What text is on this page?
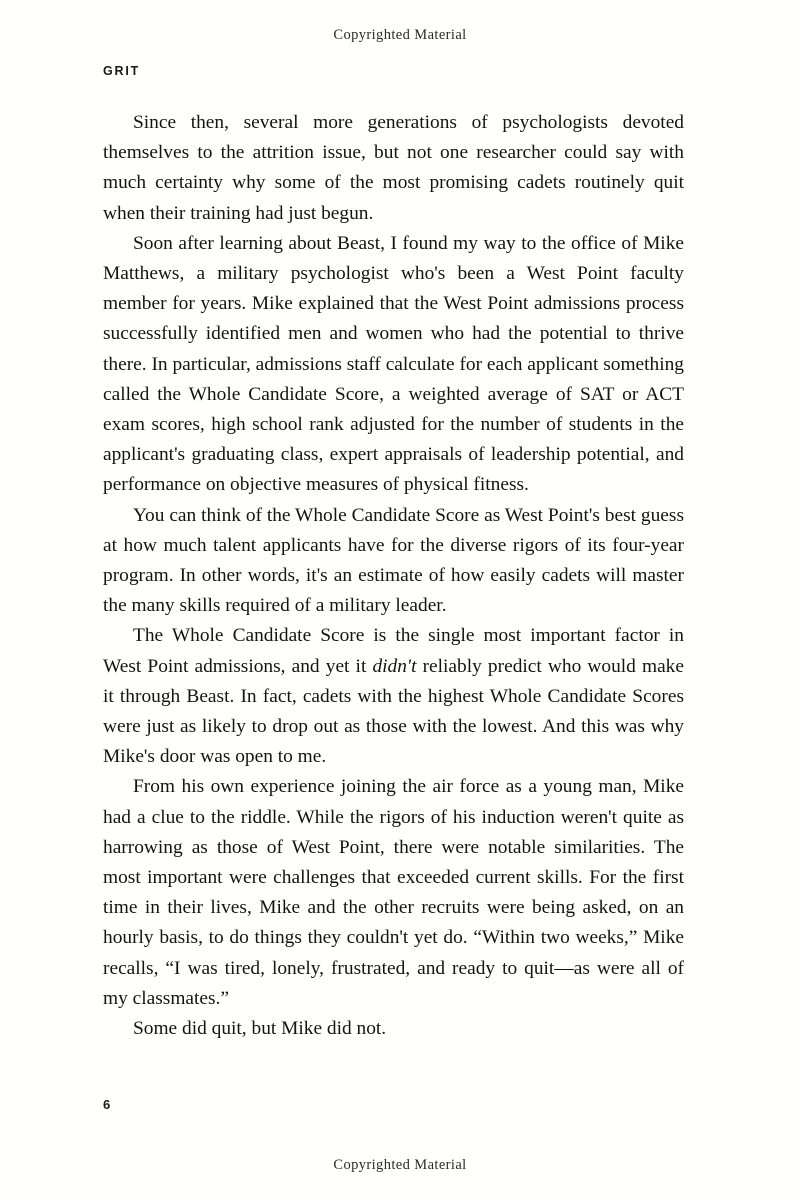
Copyrighted Material
GRIT

Since then, several more generations of psychologists devoted themselves to the attrition issue, but not one researcher could say with much certainty why some of the most promising cadets routinely quit when their training had just begun.

Soon after learning about Beast, I found my way to the office of Mike Matthews, a military psychologist who's been a West Point faculty member for years. Mike explained that the West Point admissions process successfully identified men and women who had the potential to thrive there. In particular, admissions staff calculate for each applicant something called the Whole Candidate Score, a weighted average of SAT or ACT exam scores, high school rank adjusted for the number of students in the applicant's graduating class, expert appraisals of leadership potential, and performance on objective measures of physical fitness.

You can think of the Whole Candidate Score as West Point's best guess at how much talent applicants have for the diverse rigors of its four-year program. In other words, it's an estimate of how easily cadets will master the many skills required of a military leader.

The Whole Candidate Score is the single most important factor in West Point admissions, and yet it didn't reliably predict who would make it through Beast. In fact, cadets with the highest Whole Candidate Scores were just as likely to drop out as those with the lowest. And this was why Mike's door was open to me.

From his own experience joining the air force as a young man, Mike had a clue to the riddle. While the rigors of his induction weren't quite as harrowing as those of West Point, there were notable similarities. The most important were challenges that exceeded current skills. For the first time in their lives, Mike and the other recruits were being asked, on an hourly basis, to do things they couldn't yet do. “Within two weeks,” Mike recalls, “I was tired, lonely, frustrated, and ready to quit—as were all of my classmates.”

Some did quit, but Mike did not.

6
Copyrighted Material
